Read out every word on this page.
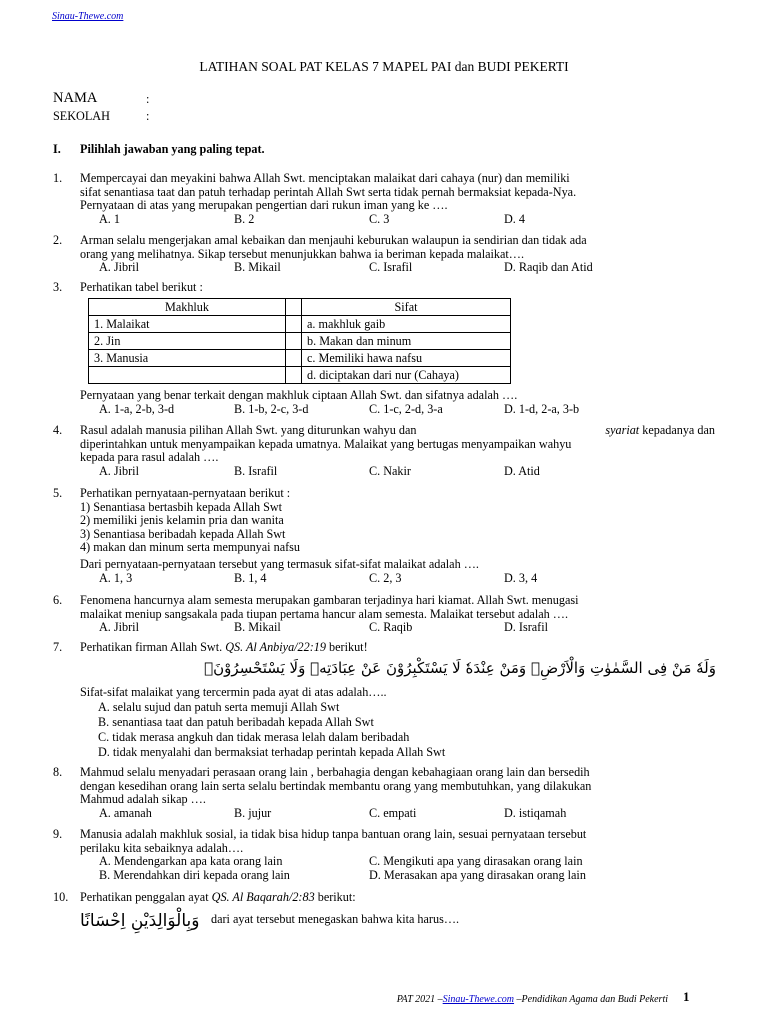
Sinau-Thewe.com
LATIHAN SOAL PAT KELAS 7 MAPEL PAI dan BUDI PEKERTI
NAMA	:
SEKOLAH	:
I. Pilihlah jawaban yang paling tepat.
1. Mempercayai dan meyakini bahwa Allah Swt. menciptakan malaikat dari cahaya (nur) dan memiliki
sifat senantiasa taat dan patuh terhadap perintah Allah Swt serta tidak pernah bermaksiat kepada-Nya.
Pernyataan di atas yang merupakan pengertian dari rukun iman yang ke ….
A. 1	B. 2	C. 3	D. 4
2. Arman selalu mengerjakan amal kebaikan dan menjauhi keburukan walaupun ia sendirian dan tidak ada
orang yang melihatnya. Sikap tersebut menunjukkan bahwa ia beriman kepada malaikat….
A. Jibril	B. Mikail	C. Israfil	D. Raqib dan Atid
3. Perhatikan tabel berikut :
Makhluk		Sifat
1. Malaikat		a. makhluk gaib
2. Jin		b. Makan dan minum
3. Manusia		c. Memiliki hawa nafsu
		d. diciptakan dari nur (Cahaya)
Pernyataan yang benar terkait dengan makhluk ciptaan Allah Swt. dan sifatnya adalah ….
A. 1-a, 2-b, 3-d	B. 1-b, 2-c, 3-d	C. 1-c, 2-d, 3-a	D. 1-d, 2-a, 3-b
4. Rasul adalah manusia pilihan Allah Swt. yang diturunkan wahyu dan	syariat kepadanya dan
diperintahkan untuk menyampaikan kepada umatnya. Malaikat yang bertugas menyampaikan wahyu
kepada para rasul adalah ….
A. Jibril	B. Israfil	C. Nakir	D. Atid
5. Perhatikan pernyataan-pernyataan berikut :
1) Senantiasa bertasbih kepada Allah Swt
2) memiliki jenis kelamin pria dan wanita
3) Senantiasa beribadah kepada Allah Swt
4) makan dan minum serta mempunyai nafsu
Dari pernyataan-pernyataan tersebut yang termasuk sifat-sifat malaikat adalah ….
A. 1, 3	B. 1, 4	C. 2, 3	D. 3, 4
6. Fenomena hancurnya alam semesta merupakan gambaran terjadinya hari kiamat. Allah Swt. menugasi
malaikat meniup sangsakala pada tiupan pertama hancur alam semesta. Malaikat tersebut adalah ….
A. Jibril	B. Mikail	C. Raqib	D. Israfil
7. Perhatikan firman Allah Swt. QS. Al Anbiya/22:19 berikut!
وَلَهٗ مَنْ فِى السَّمٰوٰتِ وَالْاَرْضِۗ وَمَنْ عِنْدَهٗ لَا يَسْتَكْبِرُوْنَ عَنْ عِبَادَتِهٖ وَلَا يَسْتَحْسِرُوْنَۚ
Sifat-sifat malaikat yang tercermin pada ayat di atas adalah…..
A. selalu sujud dan patuh serta memuji Allah Swt
B. senantiasa taat dan patuh beribadah kepada Allah Swt
C. tidak merasa angkuh dan tidak merasa lelah dalam beribadah
D. tidak menyalahi dan bermaksiat terhadap perintah kepada Allah Swt
8. Mahmud selalu menyadari perasaan orang lain , berbahagia dengan kebahagiaan orang lain dan bersedih
dengan kesedihan orang lain serta selalu bertindak membantu orang yang membutuhkan, yang dilakukan
Mahmud adalah sikap ….
A. amanah	B. jujur	C. empati	D. istiqamah
9. Manusia adalah makhluk sosial, ia tidak bisa hidup tanpa bantuan orang lain, sesuai pernyataan tersebut
perilaku kita sebaiknya adalah….
A. Mendengarkan apa kata orang lain	C. Mengikuti apa yang dirasakan orang lain
B. Merendahkan diri kepada orang lain	D. Merasakan apa yang dirasakan orang lain
10. Perhatikan penggalan ayat QS. Al Baqarah/2:83 berikut:
وَبِالْوَالِدَيْنِ اِحْسَانًا dari ayat tersebut menegaskan bahwa kita harus….
PAT 2021 –Sinau-Thewe.com –Pendidikan Agama dan Budi Pekerti 1
